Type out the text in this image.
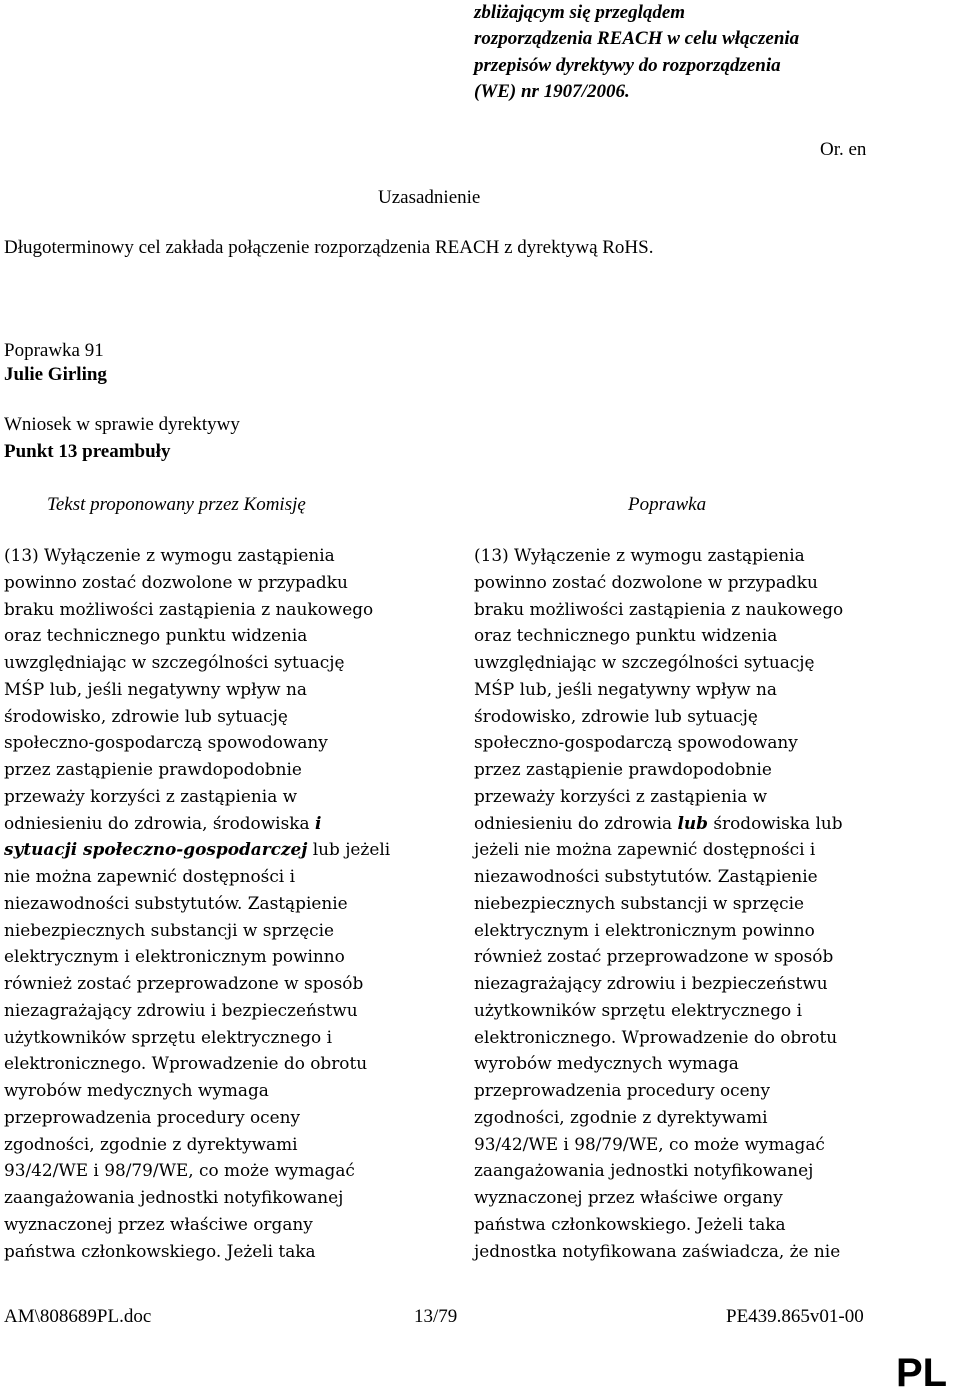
zbliżającym się przeglądem
rozporządzenia REACH w celu włączenia
przepisów dyrektywy do rozporządzenia
(WE) nr 1907/2006.
Or. en
Uzasadnienie
Długoterminowy cel zakłada połączenie rozporządzenia REACH z dyrektywą RoHS.
Poprawka 91
Julie Girling
Wniosek w sprawie dyrektywy
Punkt 13 preambuły
Tekst proponowany przez Komisję	Poprawka
(13) Wyłączenie z wymogu zastąpienia
powinno zostać dozwolone w przypadku
braku możliwości zastąpienia z naukowego
oraz technicznego punktu widzenia
uwzględniając w szczególności sytuację
MŚP lub, jeśli negatywny wpływ na
środowisko, zdrowie lub sytuację
społeczno-gospodarczą spowodowany
przez zastąpienie prawdopodobnie
przeważy korzyści z zastąpienia w
odniesieniu do zdrowia, środowiska i
sytuacji społeczno-gospodarczej lub jeżeli
nie można zapewnić dostępności i
niezawodności substytutów. Zastąpienie
niebezpiecznych substancji w sprzęcie
elektrycznym i elektronicznym powinno
również zostać przeprowadzone w sposób
niezagrażający zdrowiu i bezpieczeństwu
użytkowników sprzętu elektrycznego i
elektronicznego. Wprowadzenie do obrotu
wyrobów medycznych wymaga
przeprowadzenia procedury oceny
zgodności, zgodnie z dyrektywami
93/42/WE i 98/79/WE, co może wymagać
zaangażowania jednostki notyfikowanej
wyznaczonej przez właściwe organy
państwa członkowskiego. Jeżeli taka
(13) Wyłączenie z wymogu zastąpienia
powinno zostać dozwolone w przypadku
braku możliwości zastąpienia z naukowego
oraz technicznego punktu widzenia
uwzględniając w szczególności sytuację
MŚP lub, jeśli negatywny wpływ na
środowisko, zdrowie lub sytuację
społeczno-gospodarczą spowodowany
przez zastąpienie prawdopodobnie
przeważy korzyści z zastąpienia w
odniesieniu do zdrowia lub środowiska lub
jeżeli nie można zapewnić dostępności i
niezawodności substytutów. Zastąpienie
niebezpiecznych substancji w sprzęcie
elektrycznym i elektronicznym powinno
również zostać przeprowadzone w sposób
niezagrażający zdrowiu i bezpieczeństwu
użytkowników sprzętu elektrycznego i
elektronicznego. Wprowadzenie do obrotu
wyrobów medycznych wymaga
przeprowadzenia procedury oceny
zgodności, zgodnie z dyrektywami
93/42/WE i 98/79/WE, co może wymagać
zaangażowania jednostki notyfikowanej
wyznaczonej przez właściwe organy
państwa członkowskiego. Jeżeli taka
jednostka notyfikowana zaświadcza, że nie
AM\808689PL.doc	13/79	PE439.865v01-00
PL
